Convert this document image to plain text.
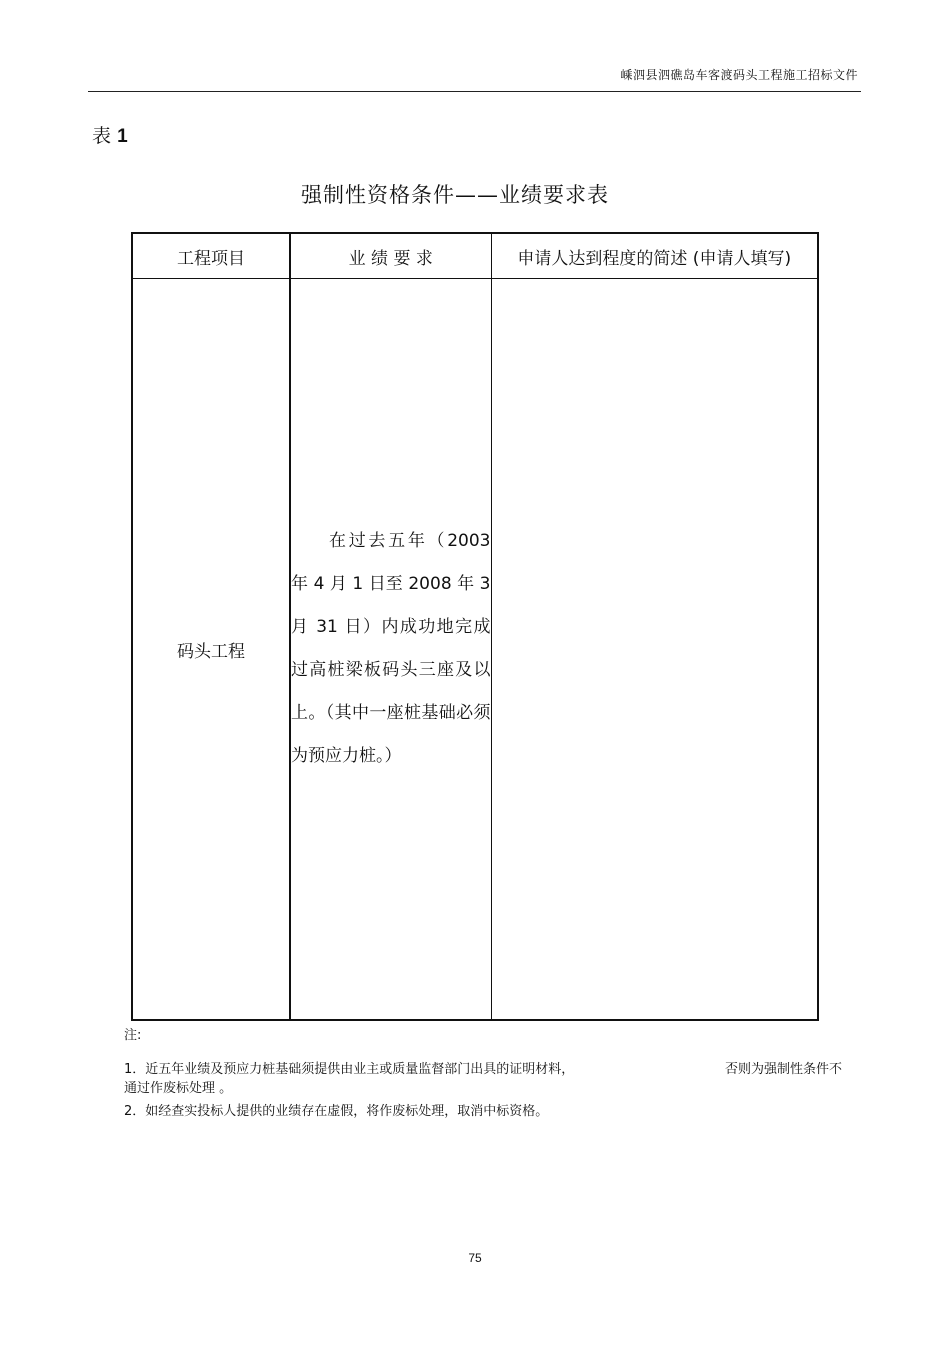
嵊泗县泗礁岛车客渡码头工程施工招标文件
表 1
强制性资格条件——业绩要求表
工程项目	业 绩 要 求	申请人达到程度的简述 (申请人填写)
码头工程	在过去五年（2003年 4 月 1 日至 2008 年 3 月 31 日）内成功地完成过高桩梁板码头三座及以上。（其中一座桩基础必须为预应力桩。）	

注:
否则为强制性条件不
1．近五年业绩及预应力桩基础须提供由业主或质量监督部门出具的证明材料，
通过作废标处理 。
2．如经查实投标人提供的业绩存在虚假，将作废标处理，取消中标资格。
75
